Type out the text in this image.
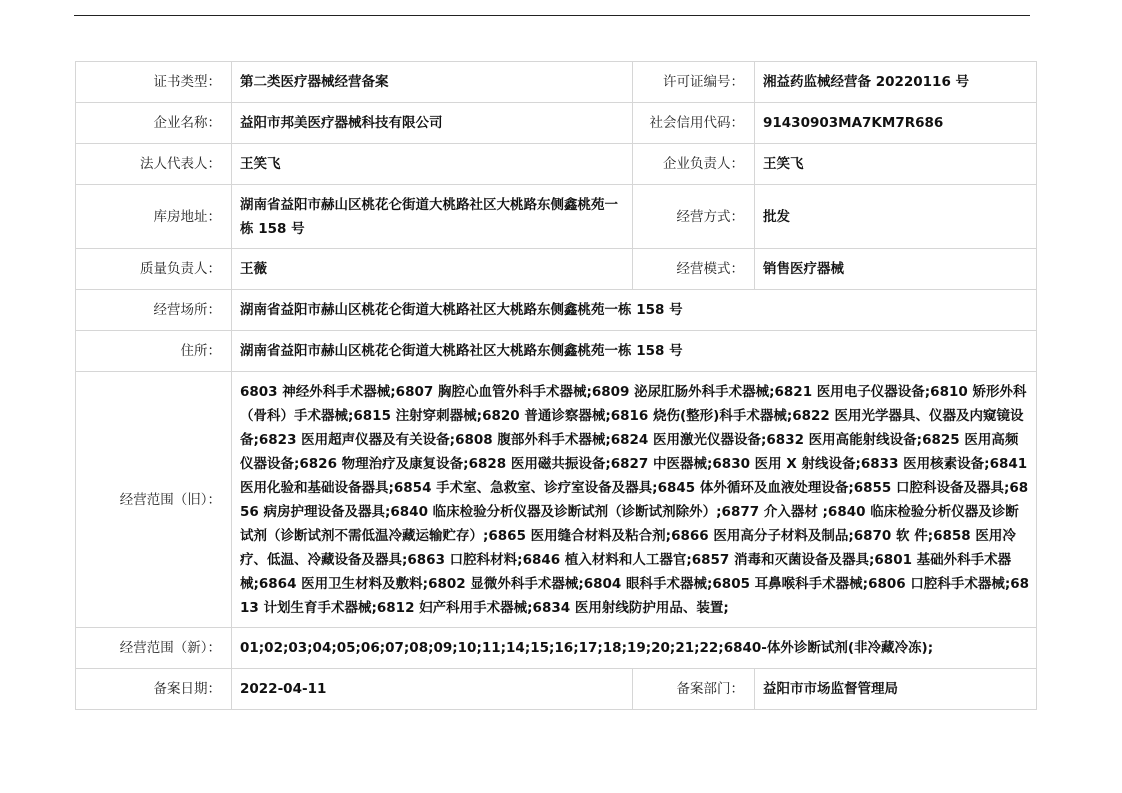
证书类型：	第二类医疗器械经营备案	许可证编号：	湘益药监械经营备 20220116 号
企业名称：	益阳市邦美医疗器械科技有限公司	社会信用代码：	91430903MA7KM7R686
法人代表人：	王笑飞	企业负责人：	王笑飞
库房地址：	湖南省益阳市赫山区桃花仑街道大桃路社区大桃路东侧鑫桃苑一栋 158 号	经营方式：	批发
质量负责人：	王薇	经营模式：	销售医疗器械
经营场所：	湖南省益阳市赫山区桃花仑街道大桃路社区大桃路东侧鑫桃苑一栋 158 号		
住所：	湖南省益阳市赫山区桃花仑街道大桃路社区大桃路东侧鑫桃苑一栋 158 号		
经营范围（旧）：	6803 神经外科手术器械;6807 胸腔心血管外科手术器械;6809 泌尿肛肠外科手术器械;6821 医用电子仪器设备;6810 矫形外科（骨科）手术器械;6815 注射穿刺器械;6820 普通诊察器械;6816 烧伤(整形)科手术器械;6822 医用光学器具、仪器及内窥镜设备;6823 医用超声仪器及有关设备;6808 腹部外科手术器械;6824 医用激光仪器设备;6832 医用高能射线设备;6825 医用高频仪器设备;6826 物理治疗及康复设备;6828 医用磁共振设备;6827 中医器械;6830 医用 X 射线设备;6833 医用核素设备;6841 医用化验和基础设备器具;6854 手术室、急救室、诊疗室设备及器具;6845 体外循环及血液处理设备;6855 口腔科设备及器具;6856 病房护理设备及器具;6840 临床检验分析仪器及诊断试剂（诊断试剂除外）;6877 介入器材 ;6840 临床检验分析仪器及诊断试剂（诊断试剂不需低温冷藏运输贮存）;6865 医用缝合材料及粘合剂;6866 医用高分子材料及制品;6870 软 件;6858 医用冷疗、低温、冷藏设备及器具;6863 口腔科材料;6846 植入材料和人工器官;6857 消毒和灭菌设备及器具;6801 基础外科手术器械;6864 医用卫生材料及敷料;6802 显微外科手术器械;6804 眼科手术器械;6805 耳鼻喉科手术器械;6806 口腔科手术器械;6813 计划生育手术器械;6812 妇产科用手术器械;6834 医用射线防护用品、装置;		
经营范围（新）：	01;02;03;04;05;06;07;08;09;10;11;14;15;16;17;18;19;20;21;22;6840-体外诊断试剂(非冷藏冷冻);		
备案日期：	2022-04-11	备案部门：	益阳市市场监督管理局
